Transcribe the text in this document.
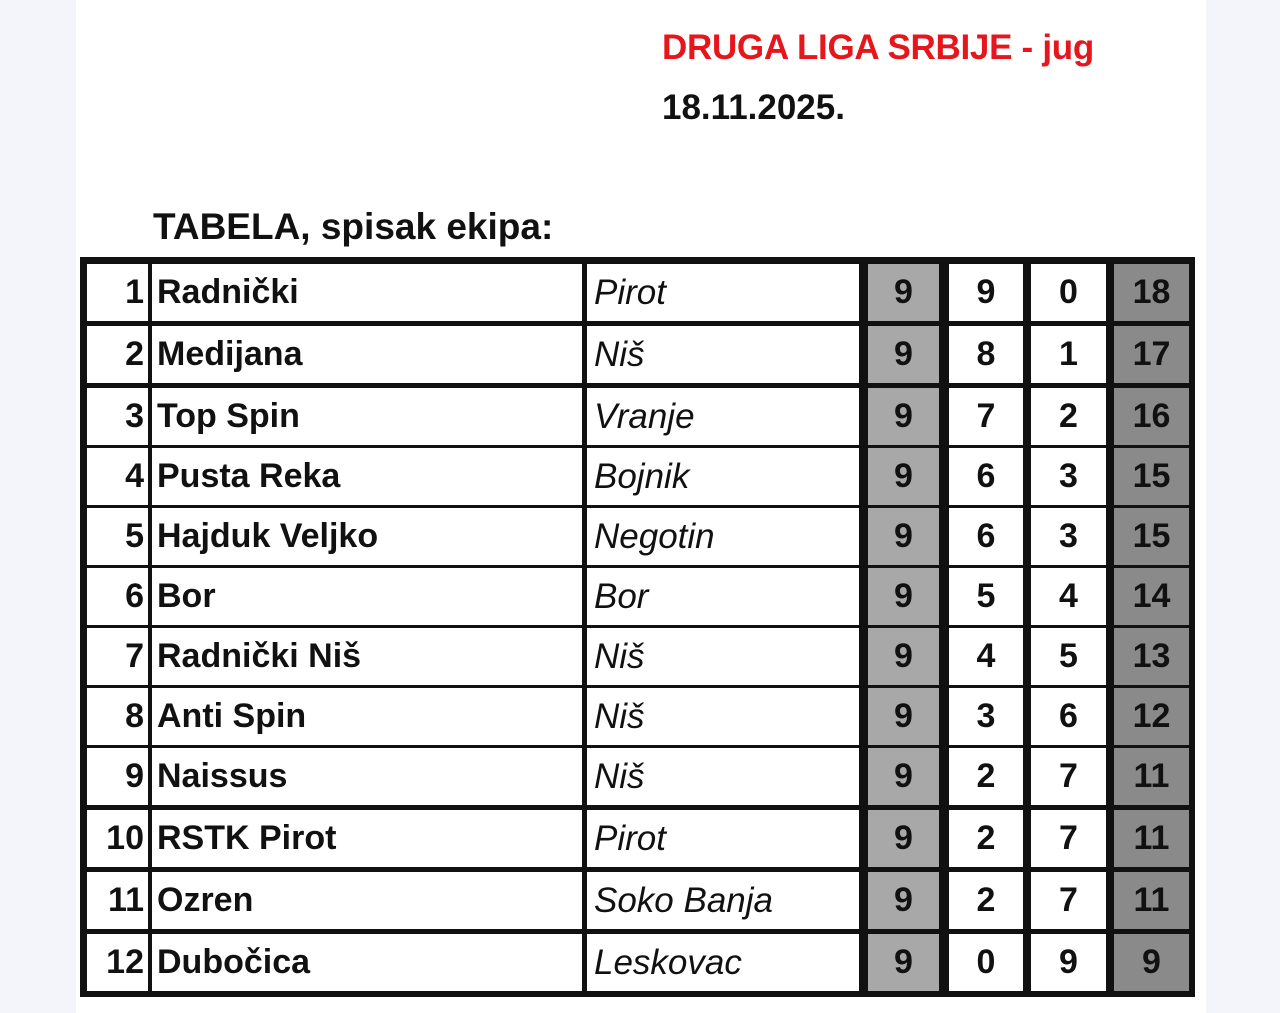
DRUGA LIGA SRBIJE - jug
18.11.2025.
TABELA, spisak ekipa:
1 Radnički	Pirot	9	9	0	18
2 Medijana	Niš	9	8	1	17
3 Top Spin	Vranje	9	7	2	16
4 Pusta Reka	Bojnik	9	6	3	15
5 Hajduk Veljko	Negotin	9	6	3	15
6 Bor	Bor	9	5	4	14
7 Radnički Niš	Niš	9	4	5	13
8 Anti Spin	Niš	9	3	6	12
9 Naissus	Niš	9	2	7	11
10 RSTK Pirot	Pirot	9	2	7	11
11 Ozren	Soko Banja	9	2	7	11
12 Dubočica	Leskovac	9	0	9	9
